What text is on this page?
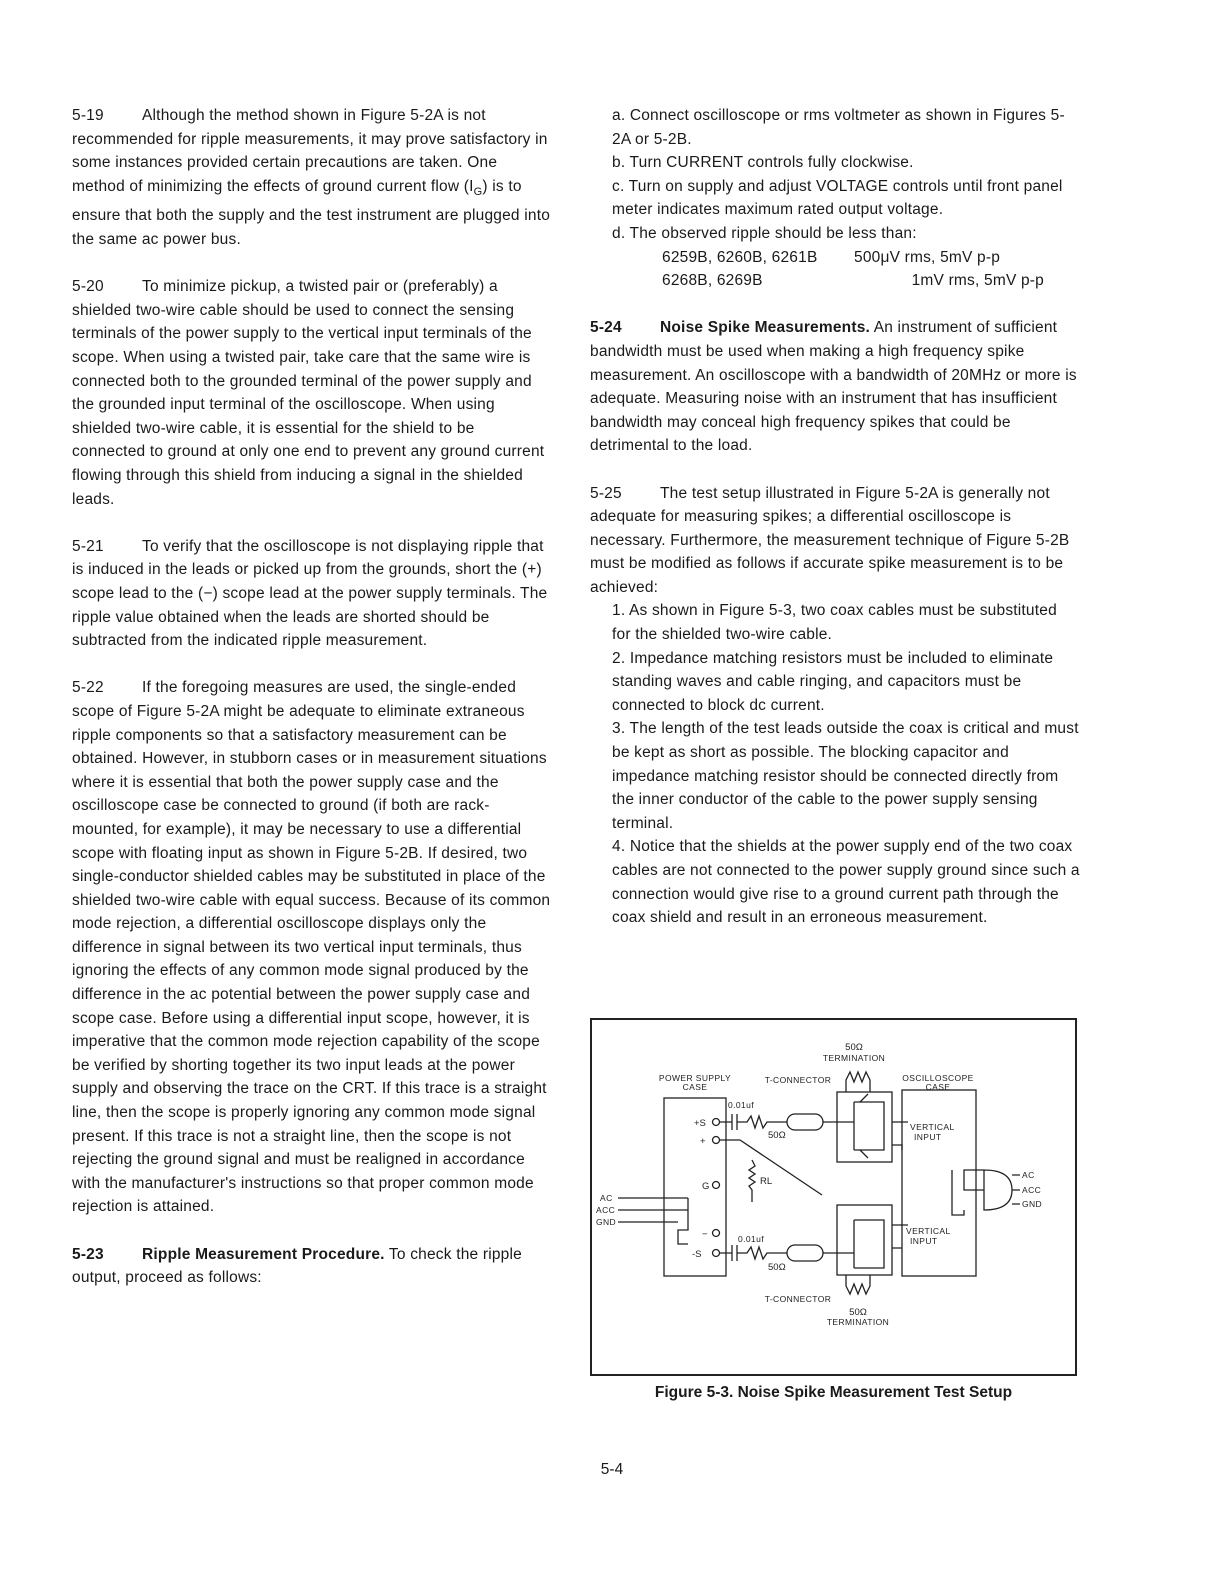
5-19 Although the method shown in Figure 5-2A is not recommended for ripple measurements, it may prove satisfactory in some instances provided certain precautions are taken. One method of minimizing the effects of ground current flow $(I_G)$ is to ensure that both the supply and the test instrument are plugged into the same ac power bus.

5-20 To minimize pickup, a twisted pair or (preferably) a shielded two-wire cable should be used to connect the sensing terminals of the power supply to the vertical input terminals of the scope. When using a twisted pair, take care that the same wire is connected both to the grounded terminal of the power supply and the grounded input terminal of the oscilloscope. When using shielded two-wire cable, it is essential for the shield to be connected to ground at only one end to prevent any ground current flowing through this shield from inducing a signal in the shielded leads.

5-21 To verify that the oscilloscope is not displaying ripple that is induced in the leads or picked up from the grounds, short the (+) scope lead to the (−) scope lead at the power supply terminals. The ripple value obtained when the leads are shorted should be subtracted from the indicated ripple measurement.

5-22 If the foregoing measures are used, the single-ended scope of Figure 5-2A might be adequate to eliminate extraneous ripple components so that a satisfactory measurement can be obtained. However, in stubborn cases or in measurement situations where it is essential that both the power supply case and the oscilloscope case be connected to ground (if both are rack-mounted, for example), it may be necessary to use a differential scope with floating input as shown in Figure 5-2B. If desired, two single-conductor shielded cables may be substituted in place of the shielded two-wire cable with equal success. Because of its common mode rejection, a differential oscilloscope displays only the difference in signal between its two vertical input terminals, thus ignoring the effects of any common mode signal produced by the difference in the ac potential between the power supply case and scope case. Before using a differential input scope, however, it is imperative that the common mode rejection capability of the scope be verified by shorting together its two input leads at the power supply and observing the trace on the CRT. If this trace is a straight line, then the scope is properly ignoring any common mode signal present. If this trace is not a straight line, then the scope is not rejecting the ground signal and must be realigned in accordance with the manufacturer's instructions so that proper common mode rejection is attained.

5-23 Ripple Measurement Procedure. To check the ripple output, proceed as follows:

a. Connect oscilloscope or rms voltmeter as shown in Figures 5-2A or 5-2B.

b. Turn CURRENT controls fully clockwise.

c. Turn on supply and adjust VOLTAGE controls until front panel meter indicates maximum rated output voltage.

d. The observed ripple should be less than:

6259B, 6260B, 6261B	500μV rms, 5mV p-p
6268B, 6269B	1mV rms, 5mV p-p

5-24 Noise Spike Measurements. An instrument of sufficient bandwidth must be used when making a high frequency spike measurement. An oscilloscope with a bandwidth of 20MHz or more is adequate. Measuring noise with an instrument that has insufficient bandwidth may conceal high frequency spikes that could be detrimental to the load.

5-25 The test setup illustrated in Figure 5-2A is generally not adequate for measuring spikes; a differential oscilloscope is necessary. Furthermore, the measurement technique of Figure 5-2B must be modified as follows if accurate spike measurement is to be achieved:

1. As shown in Figure 5-3, two coax cables must be substituted for the shielded two-wire cable.

2. Impedance matching resistors must be included to eliminate standing waves and cable ringing, and capacitors must be connected to block dc current.

3. The length of the test leads outside the coax is critical and must be kept as short as possible. The blocking capacitor and impedance matching resistor should be connected directly from the inner conductor of the cable to the power supply sensing terminal.

4. Notice that the shields at the power supply end of the two coax cables are not connected to the power supply ground since such a connection would give rise to a ground current path through the coax shield and result in an erroneous measurement.

50Ω
TERMINATION
POWER SUPPLY
CASE
T-CONNECTOR	OSCILLOSCOPE
CASE
0.01uf
50Ω
+S
+
G	RL
−
-S
0.01uf
50Ω
VERTICAL
INPUT
VERTICAL
INPUT
AC
ACC
GND
AC
ACC
GND
T-CONNECTOR
50Ω
TERMINATION
Figure 5-3. Noise Spike Measurement Test Setup
5-4
